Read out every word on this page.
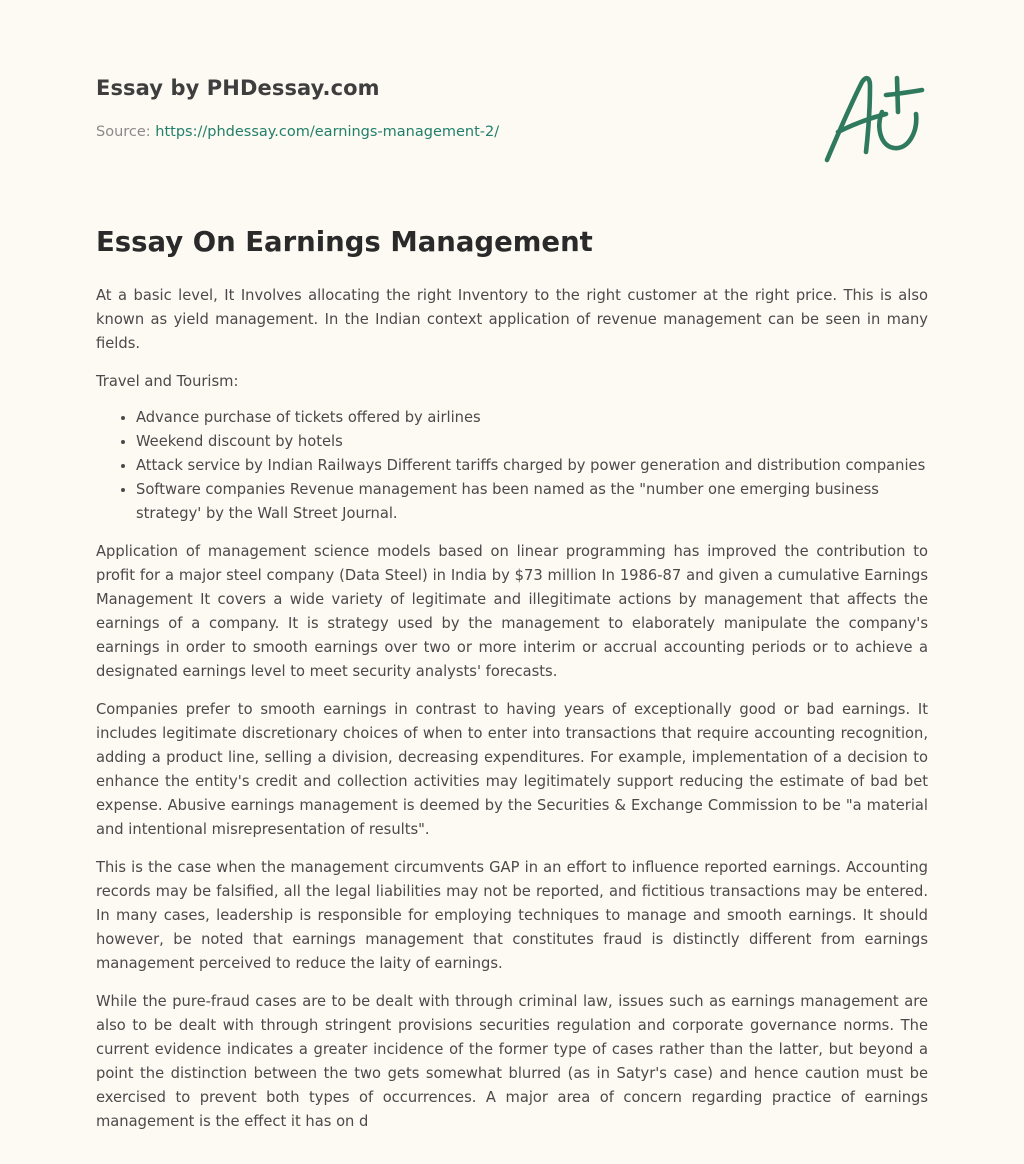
Essay by PHDessay.com
Source: https://phdessay.com/earnings-management-2/
Essay On Earnings Management

At a basic level, It Involves allocating the right Inventory to the right customer at the right price. This is also known as yield management. In the Indian context application of revenue management can be seen in many fields.

Travel and Tourism:

• Advance purchase of tickets offered by airlines
• Weekend discount by hotels
• Attack service by Indian Railways Different tariffs charged by power generation and distribution companies
• Software companies Revenue management has been named as the "number one emerging business strategy' by the Wall Street Journal.

Application of management science models based on linear programming has improved the contribution to profit for a major steel company (Data Steel) in India by $73 million In 1986-87 and given a cumulative Earnings Management It covers a wide variety of legitimate and illegitimate actions by management that affects the earnings of a company. It is strategy used by the management to elaborately manipulate the company's earnings in order to smooth earnings over two or more interim or accrual accounting periods or to achieve a designated earnings level to meet security analysts' forecasts.

Companies prefer to smooth earnings in contrast to having years of exceptionally good or bad earnings. It includes legitimate discretionary choices of when to enter into transactions that require accounting recognition, adding a product line, selling a division, decreasing expenditures. For example, implementation of a decision to enhance the entity's credit and collection activities may legitimately support reducing the estimate of bad bet expense. Abusive earnings management is deemed by the Securities & Exchange Commission to be "a material and intentional misrepresentation of results".

This is the case when the management circumvents GAP in an effort to influence reported earnings. Accounting records may be falsified, all the legal liabilities may not be reported, and fictitious transactions may be entered. In many cases, leadership is responsible for employing techniques to manage and smooth earnings. It should however, be noted that earnings management that constitutes fraud is distinctly different from earnings management perceived to reduce the laity of earnings.

While the pure-fraud cases are to be dealt with through criminal law, issues such as earnings management are also to be dealt with through stringent provisions securities regulation and corporate governance norms. The current evidence indicates a greater incidence of the former type of cases rather than the latter, but beyond a point the distinction between the two gets somewhat blurred (as in Satyr's case) and hence caution must be exercised to prevent both types of occurrences. A major area of concern regarding practice of earnings management is the effect it has on d
